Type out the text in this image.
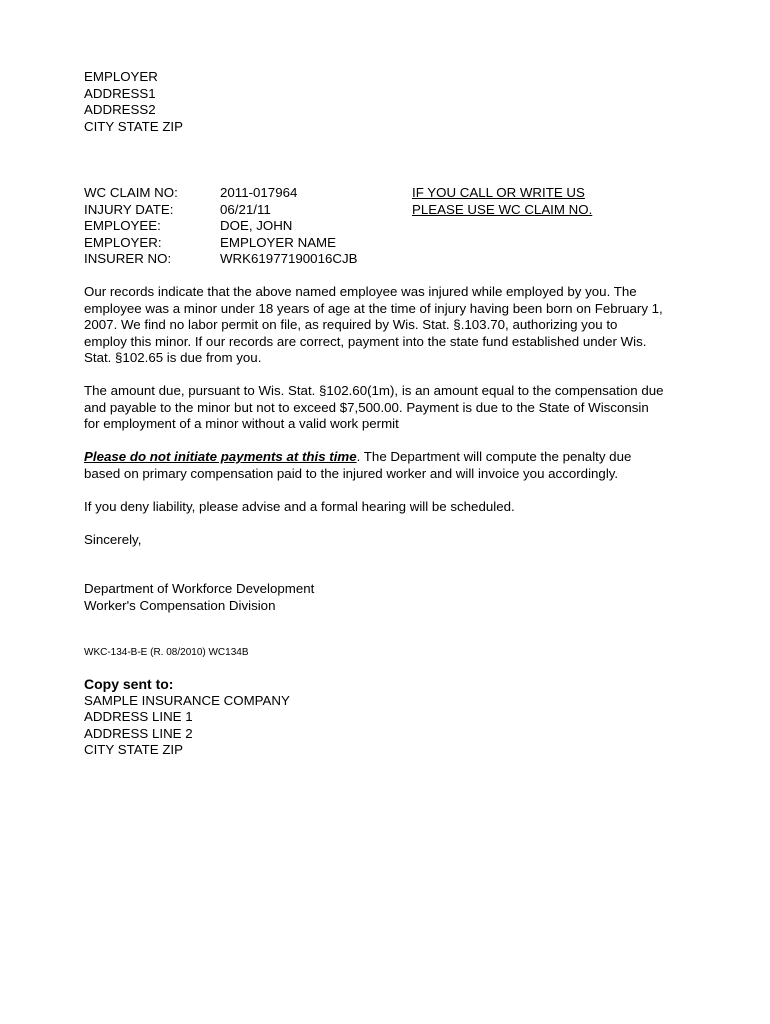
EMPLOYER
ADDRESS1
ADDRESS2
CITY STATE ZIP
WC CLAIM NO:	2011-017964
INJURY DATE:	06/21/11
EMPLOYEE:	DOE, JOHN
EMPLOYER:	EMPLOYER NAME
INSURER NO:	WRK61977190016CJB
IF YOU CALL OR WRITE US
PLEASE USE WC CLAIM NO.
Our records indicate that the above named employee was injured while employed by you. The
employee was a minor under 18 years of age at the time of injury having been born on February 1,
2007. We find no labor permit on file, as required by Wis. Stat. §.103.70, authorizing you to
employ this minor. If our records are correct, payment into the state fund established under Wis.
Stat. §102.65 is due from you.
The amount due, pursuant to Wis. Stat. §102.60(1m), is an amount equal to the compensation due
and payable to the minor but not to exceed $7,500.00. Payment is due to the State of Wisconsin
for employment of a minor without a valid work permit
Please do not initiate payments at this time. The Department will compute the penalty due
based on primary compensation paid to the injured worker and will invoice you accordingly.
If you deny liability, please advise and a formal hearing will be scheduled.
Sincerely,
Department of Workforce Development
Worker's Compensation Division
WKC-134-B-E (R. 08/2010) WC134B
Copy sent to:
SAMPLE INSURANCE COMPANY
ADDRESS LINE 1
ADDRESS LINE 2
CITY STATE ZIP
